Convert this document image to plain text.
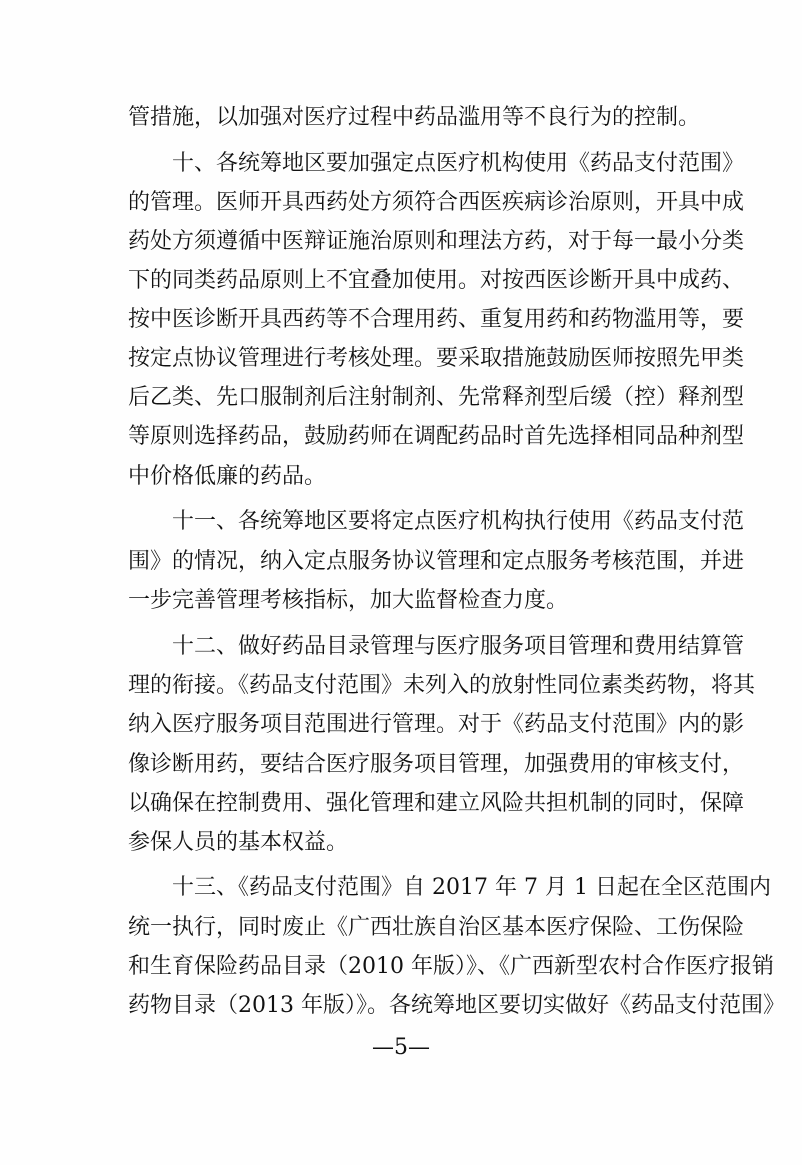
管措施，以加强对医疗过程中药品滥用等不良行为的控制。
十、各统筹地区要加强定点医疗机构使用《药品支付范围》
的管理。医师开具西药处方须符合西医疾病诊治原则，开具中成
药处方须遵循中医辩证施治原则和理法方药，对于每一最小分类
下的同类药品原则上不宜叠加使用。对按西医诊断开具中成药、
按中医诊断开具西药等不合理用药、重复用药和药物滥用等，要
按定点协议管理进行考核处理。要采取措施鼓励医师按照先甲类
后乙类、先口服制剂后注射制剂、先常释剂型后缓（控）释剂型
等原则选择药品，鼓励药师在调配药品时首先选择相同品种剂型
中价格低廉的药品。
十一、各统筹地区要将定点医疗机构执行使用《药品支付范
围》的情况，纳入定点服务协议管理和定点服务考核范围，并进
一步完善管理考核指标，加大监督检查力度。
十二、做好药品目录管理与医疗服务项目管理和费用结算管
理的衔接。《药品支付范围》未列入的放射性同位素类药物，将其
纳入医疗服务项目范围进行管理。对于《药品支付范围》内的影
像诊断用药，要结合医疗服务项目管理，加强费用的审核支付，
以确保在控制费用、强化管理和建立风险共担机制的同时，保障
参保人员的基本权益。
十三、《药品支付范围》自 2017 年 7 月 1 日起在全区范围内
统一执行，同时废止《广西壮族自治区基本医疗保险、工伤保险
和生育保险药品目录（2010 年版）》、《广西新型农村合作医疗报销
药物目录（2013 年版）》。各统筹地区要切实做好《药品支付范围》
—5—
